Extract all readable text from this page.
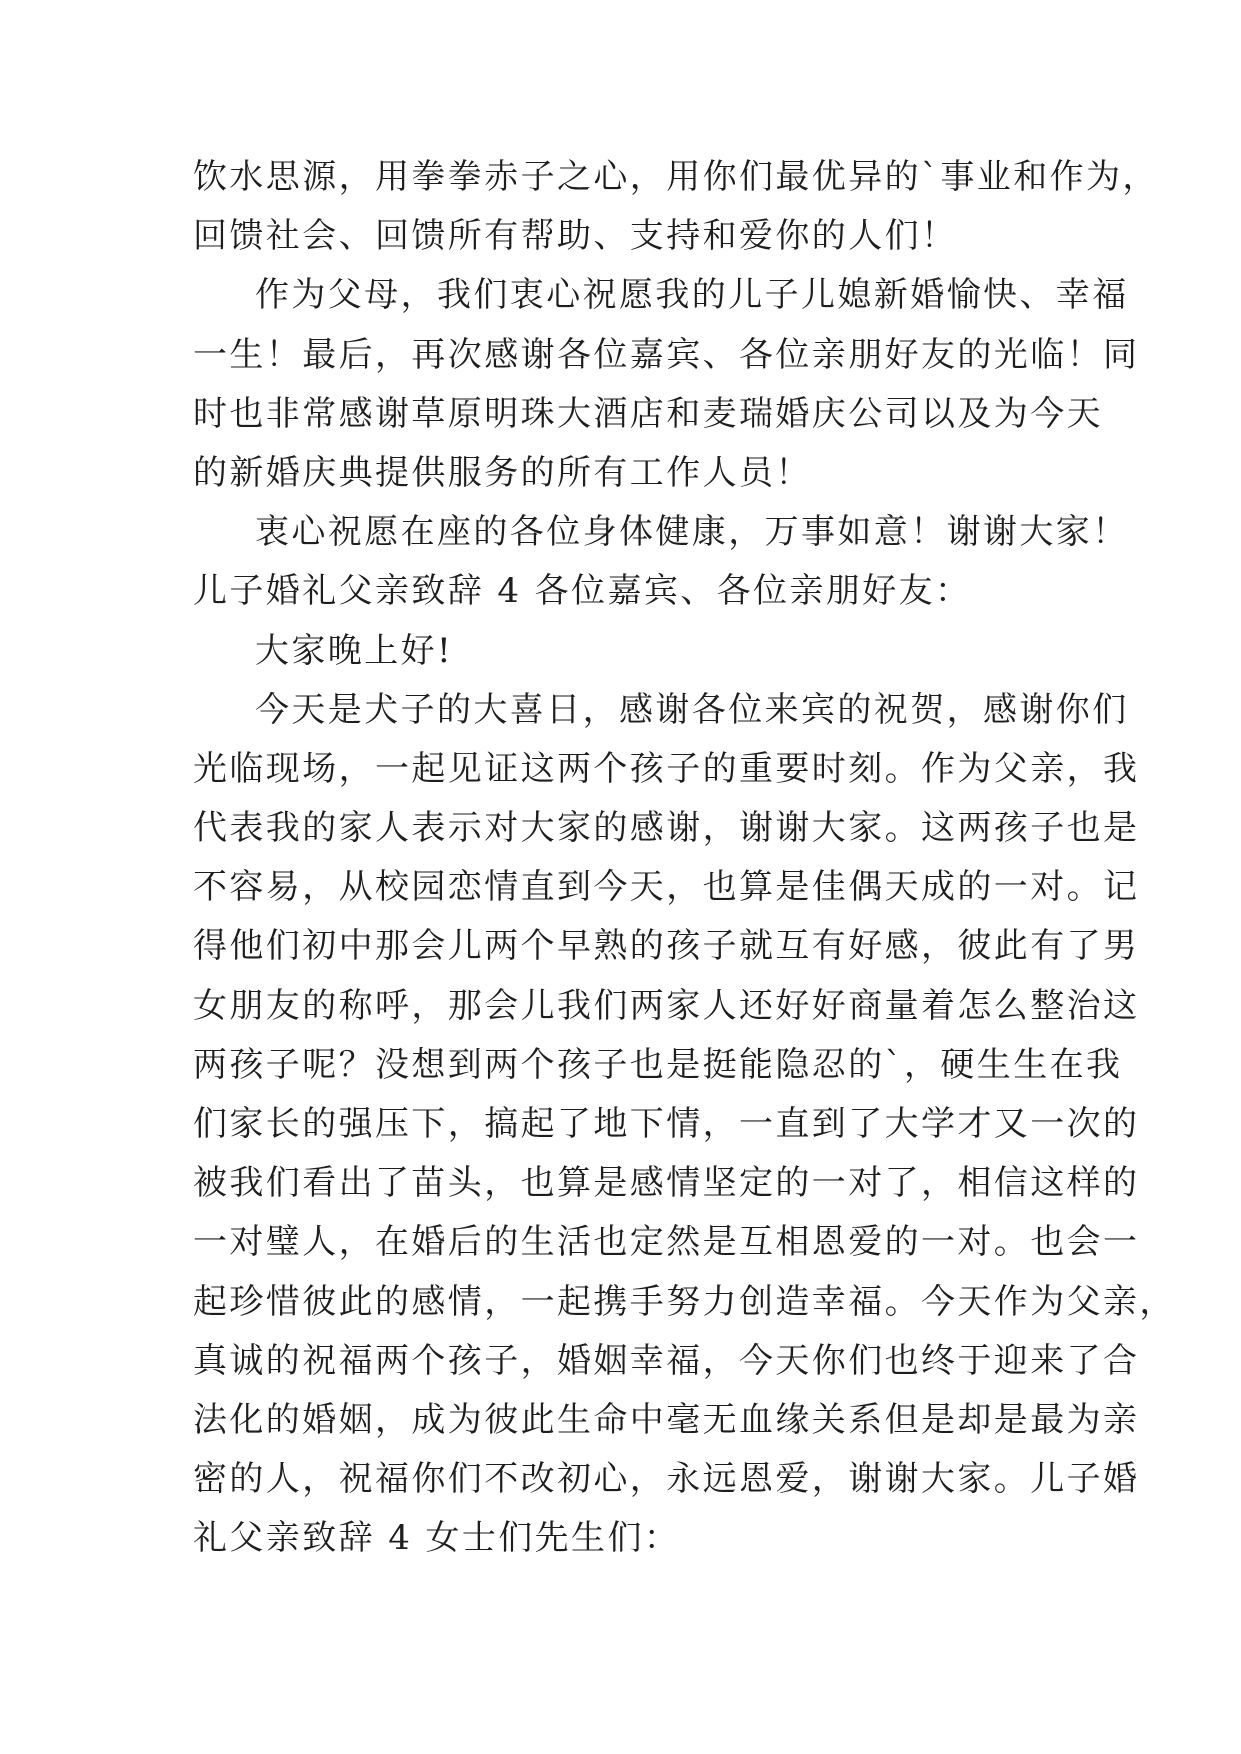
饮水思源，用拳拳赤子之心，用你们最优异的`事业和作为，
回馈社会、回馈所有帮助、支持和爱你的人们！
作为父母，我们衷心祝愿我的儿子儿媳新婚愉快、幸福
一生！最后，再次感谢各位嘉宾、各位亲朋好友的光临！同
时也非常感谢草原明珠大酒店和麦瑞婚庆公司以及为今天
的新婚庆典提供服务的所有工作人员！
衷心祝愿在座的各位身体健康，万事如意！谢谢大家！
儿子婚礼父亲致辞 4 各位嘉宾、各位亲朋好友：
大家晚上好!
今天是犬子的大喜日，感谢各位来宾的祝贺，感谢你们
光临现场，一起见证这两个孩子的重要时刻。作为父亲，我
代表我的家人表示对大家的感谢，谢谢大家。这两孩子也是
不容易，从校园恋情直到今天，也算是佳偶天成的一对。记
得他们初中那会儿两个早熟的孩子就互有好感，彼此有了男
女朋友的称呼，那会儿我们两家人还好好商量着怎么整治这
两孩子呢？没想到两个孩子也是挺能隐忍的`，硬生生在我
们家长的强压下，搞起了地下情，一直到了大学才又一次的
被我们看出了苗头，也算是感情坚定的一对了，相信这样的
一对璧人，在婚后的生活也定然是互相恩爱的一对。也会一
起珍惜彼此的感情，一起携手努力创造幸福。今天作为父亲，
真诚的祝福两个孩子，婚姻幸福，今天你们也终于迎来了合
法化的婚姻，成为彼此生命中毫无血缘关系但是却是最为亲
密的人，祝福你们不改初心，永远恩爱，谢谢大家。儿子婚
礼父亲致辞 4 女士们先生们：
